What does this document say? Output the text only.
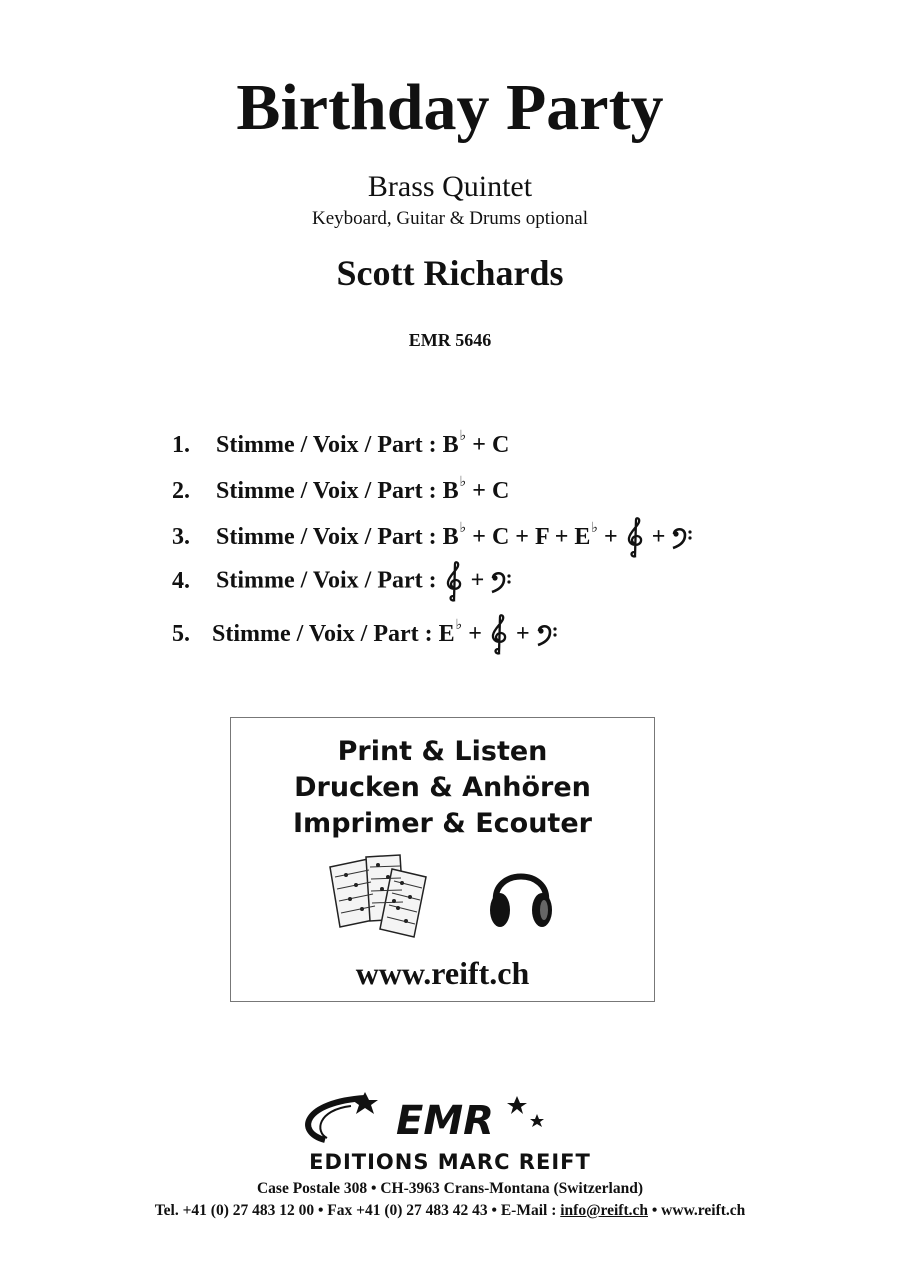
Birthday Party
Brass Quintet
Keyboard, Guitar & Drums optional
Scott Richards
EMR 5646
1. Stimme / Voix / Part : B♭ + C
2. Stimme / Voix / Part : B♭ + C
3. Stimme / Voix / Part : B♭ + C + F + E♭ + +
4. Stimme / Voix / Part : +
5. Stimme / Voix / Part : E♭ + +
Print & Listen
Drucken & Anhören
Imprimer & Ecouter
www.reift.ch
EMR
EDITIONS MARC REIFT
Case Postale 308 • CH-3963 Crans-Montana (Switzerland)
Tel. +41 (0) 27 483 12 00 • Fax +41 (0) 27 483 42 43 • E-Mail : info@reift.ch • www.reift.ch
